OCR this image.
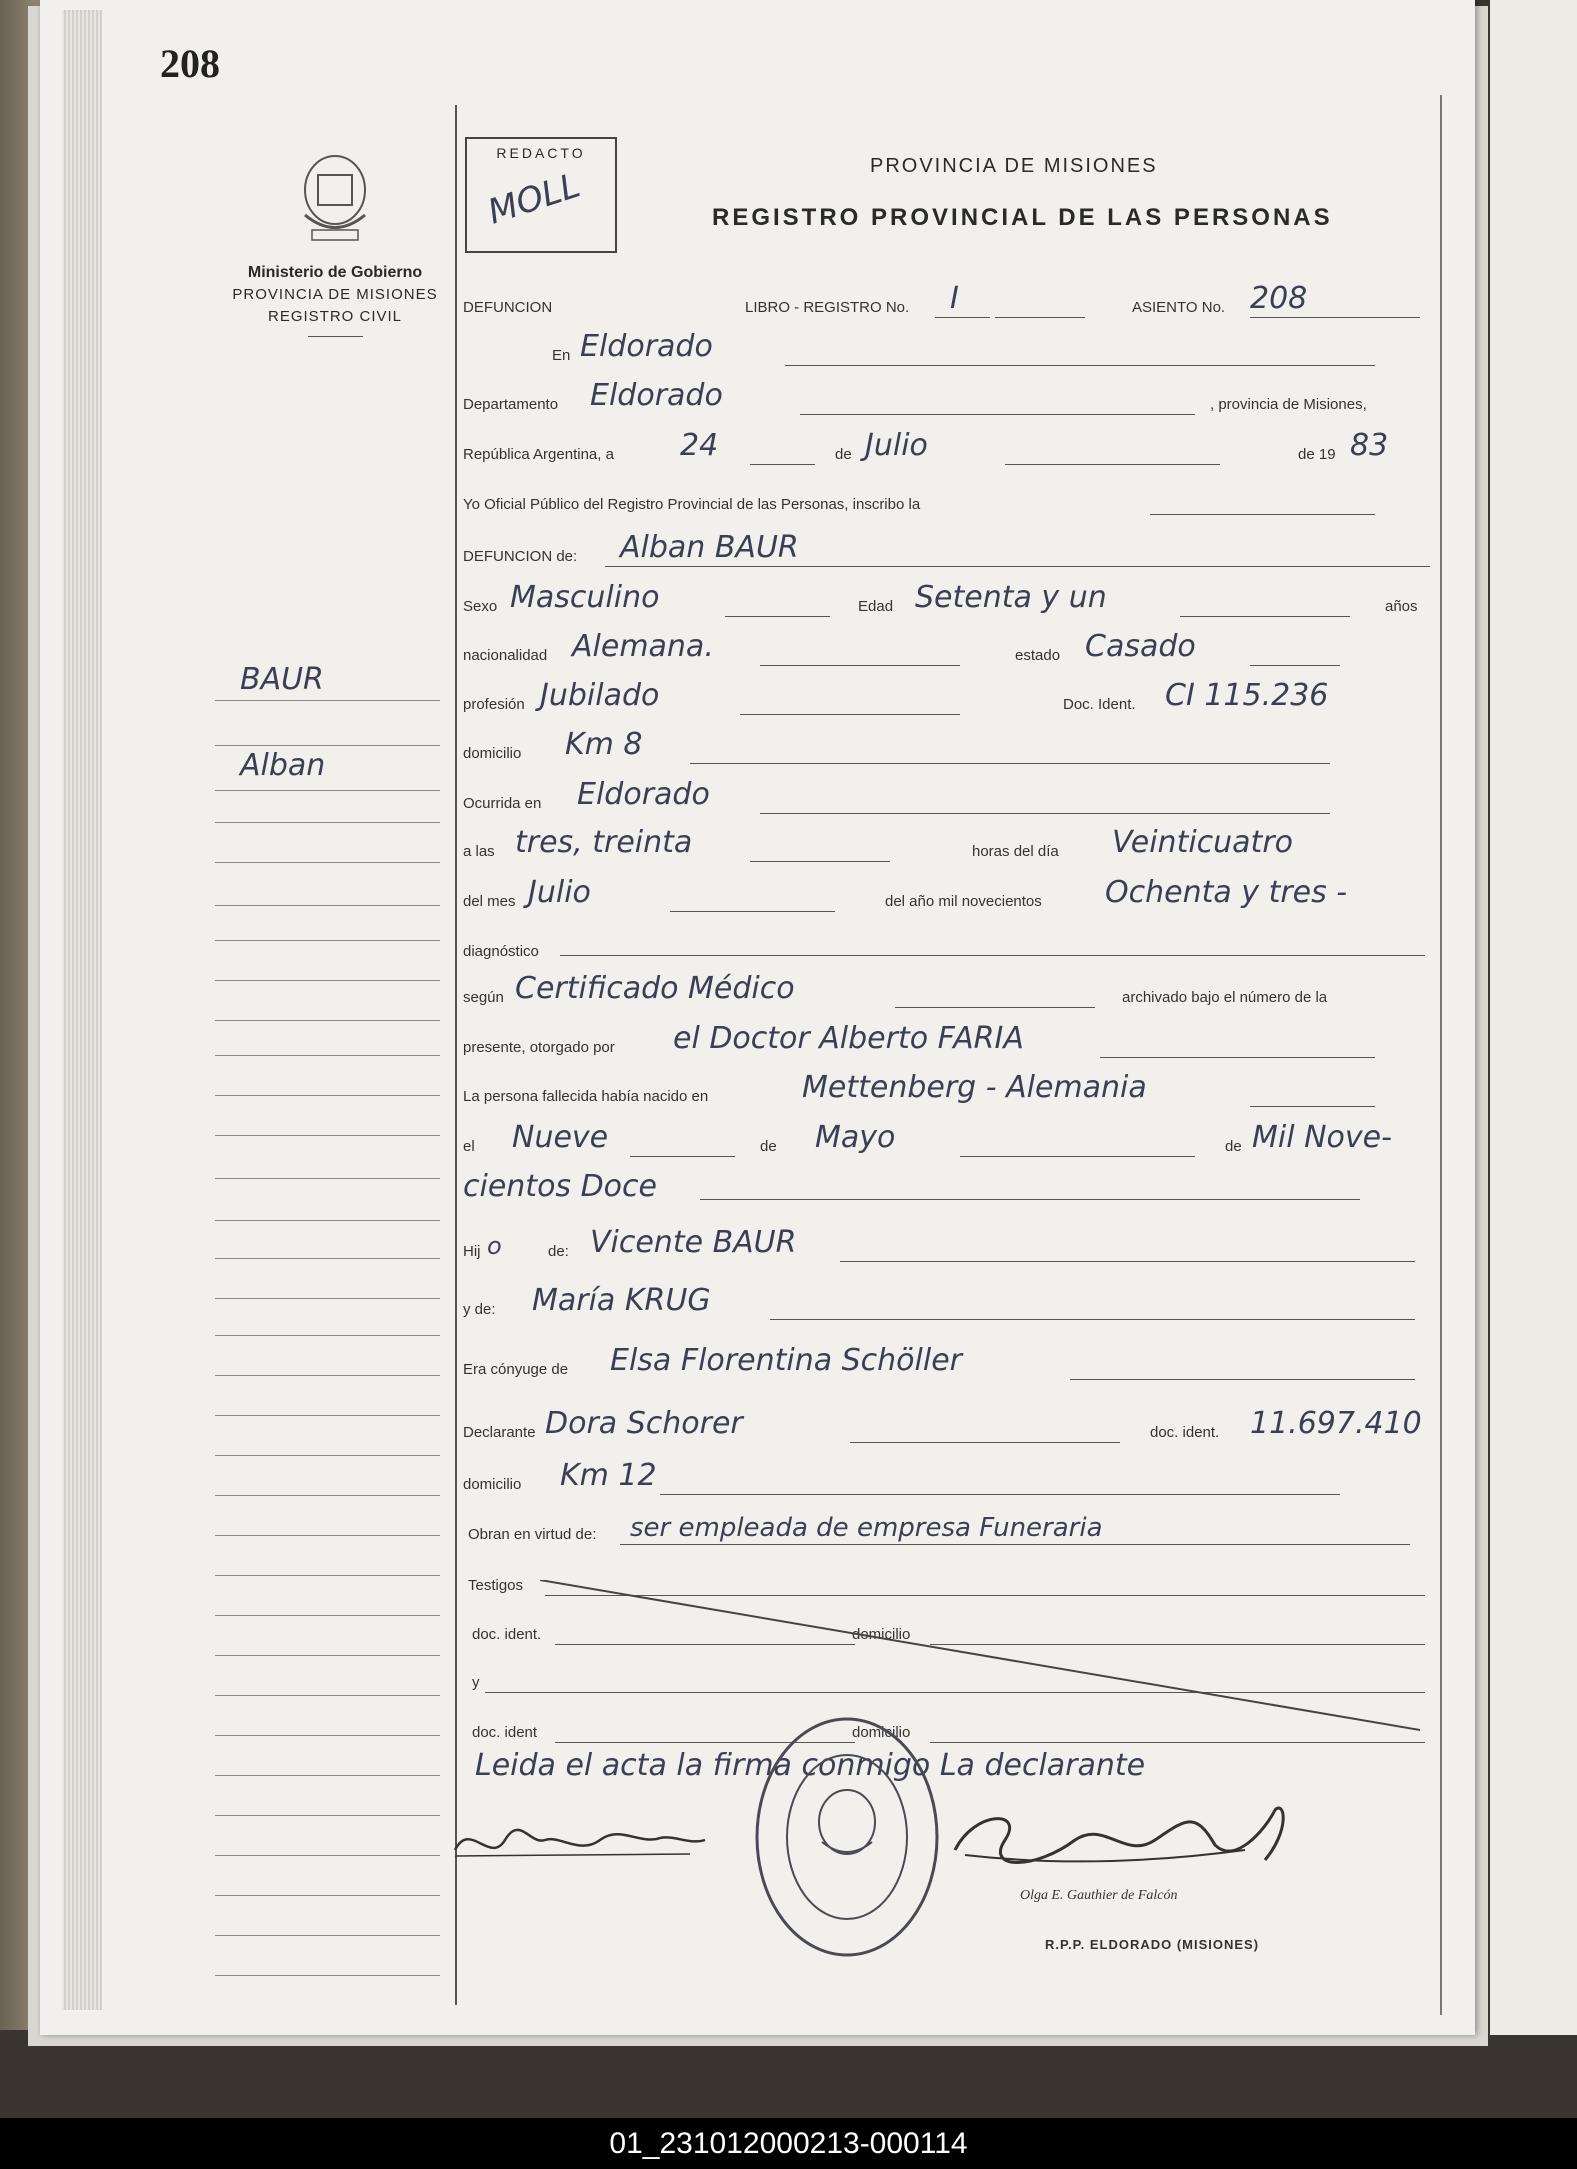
208
Ministerio de Gobierno
PROVINCIA DE MISIONES
REGISTRO CIVIL
REDACTO
MOLL	PROVINCIA DE MISIONES
REGISTRO PROVINCIAL DE LAS PERSONAS
BAUR
Alban
DEFUNCION	LIBRO - REGISTRO No. I	ASIENTO No. 208
En Eldorado
Departamento Eldorado	, provincia de Misiones,
República Argentina, a 24	de Julio	de 19 83
Yo Oficial Público del Registro Provincial de las Personas, inscribo la
DEFUNCION de: Alban BAUR
Sexo Masculino	Edad Setenta y un	años
nacionalidad Alemana.	estado Casado
profesión Jubilado	Doc. Ident. CI 115.236
domicilio Km 8
Ocurrida en Eldorado
a las tres, treinta	horas del día Veinticuatro
del mes Julio	del año mil novecientos Ochenta y tres -
diagnóstico
según Certificado Médico	archivado bajo el número de la
presente, otorgado por el Doctor Alberto FARIA
La persona fallecida había nacido en	Mettenberg - Alemania
el Nueve	de Mayo	de Mil Nove-
cientos Doce
Hij o	de: Vicente BAUR
y de: María KRUG
Era cónyuge de Elsa Florentina Schöller
Declarante Dora Schorer	doc. ident. 11.697.410
domicilio Km 12
Obran en virtud de: ser empleada de empresa Funeraria
Testigos
doc. ident.	domicilio
y
doc. ident	domicilio
Leida el acta la firma conmigo La declarante
Olga E. Gauthier de Falcón
R.P.P. ELDORADO (MISIONES)
01_231012000213-000114
